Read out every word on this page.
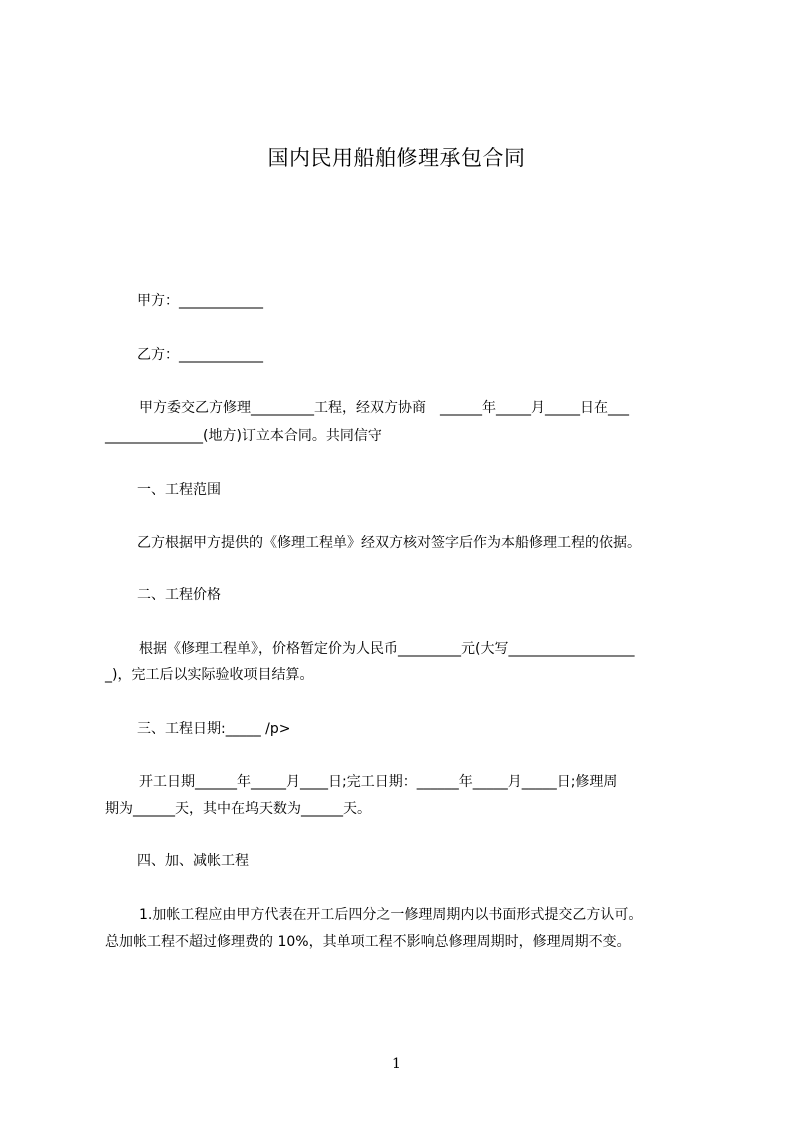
国内民用船舶修理承包合同
甲方：____________
乙方：____________
甲方委交乙方修理_________工程，经双方协商　______年_____月_____日在___
______________(地方)订立本合同。共同信守
一、工程范围
乙方根据甲方提供的《修理工程单》经双方核对签字后作为本船修理工程的依据。
二、工程价格
根据《修理工程单》，价格暂定价为人民币_________元(大写__________________
_)，完工后以实际验收项目结算。
三、工程日期:_____ /p>
开工日期______年_____月____日;完工日期：______年_____月_____日;修理周
期为______天，其中在坞天数为______天。
四、加、减帐工程
1.加帐工程应由甲方代表在开工后四分之一修理周期内以书面形式提交乙方认可。
总加帐工程不超过修理费的 10%，其单项工程不影响总修理周期时，修理周期不变。
1
